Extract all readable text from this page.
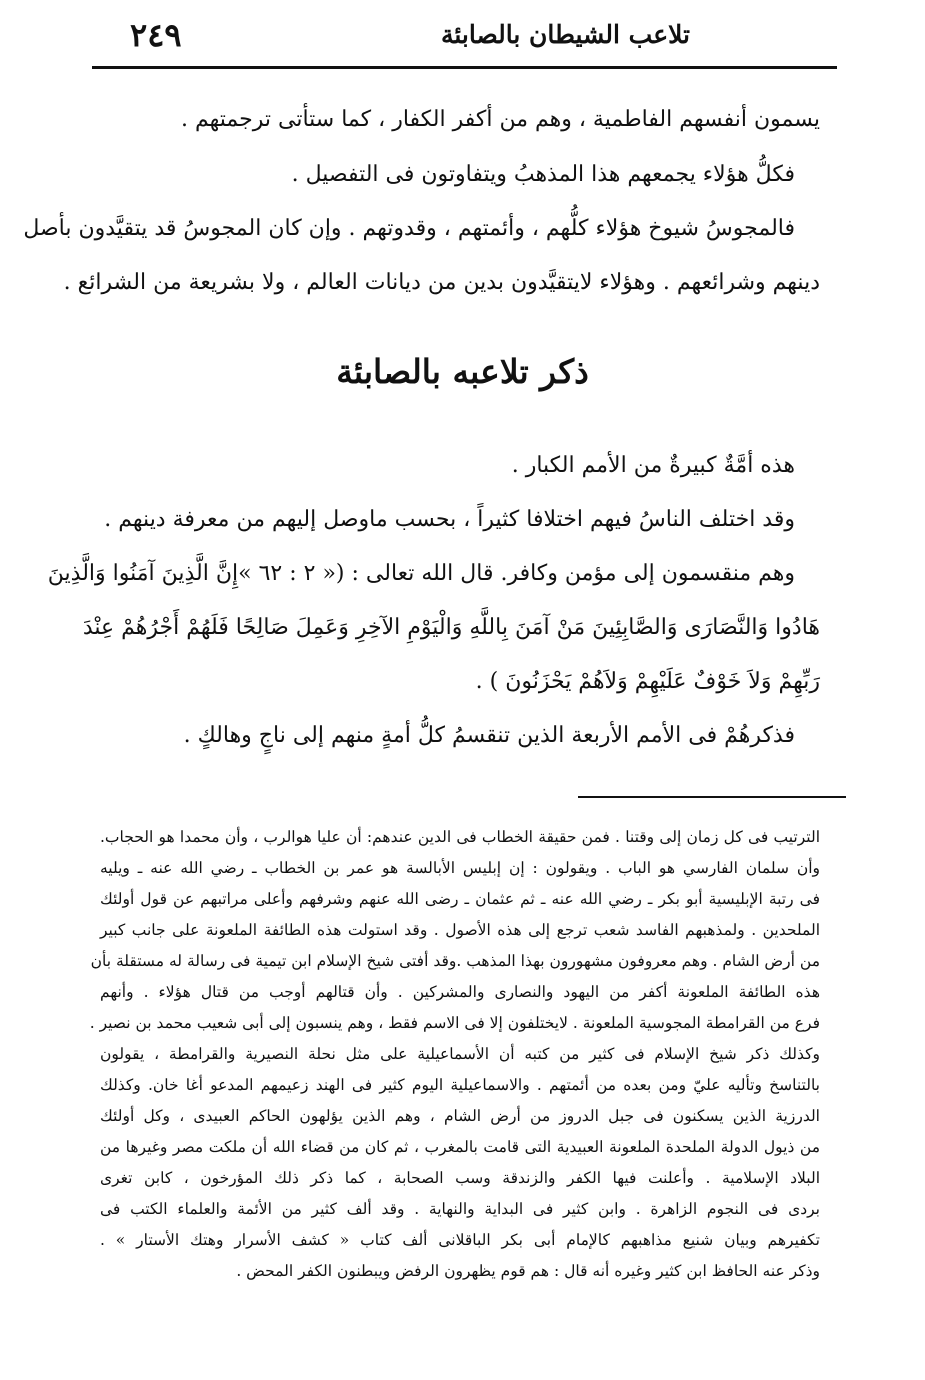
تلاعب الشيطان بالصابئة
٢٤٩
يسمون أنفسهم الفاطمية ، وهم من أكفر الكفار ، كما ستأتى ترجمتهم .
فكلُّ هؤلاء يجمعهم هذا المذهبُ ويتفاوتون فى التفصيل .
فالمجوسُ شيوخ هؤلاء كلُّهم ، وأئمتهم ، وقدوتهم . وإن كان المجوسُ قد يتقيَّدون بأصل
دينهم وشرائعهم . وهؤلاء لايتقيَّدون بدين من ديانات العالم ، ولا بشريعة من الشرائع .
ذكر تلاعبه بالصابئة
هذه أمَّةٌ كبيرةٌ من الأمم الكبار .
وقد اختلف الناسُ فيهم اختلافا كثيراً ، بحسب ماوصل إليهم من معرفة دينهم .
وهم منقسمون إلى مؤمن وكافر. قال الله تعالى : (« ٢ : ٦٢ »إِنَّ الَّذِينَ آمَنُوا وَالَّذِينَ
هَادُوا وَالنَّصَارَى وَالصَّابِئِينَ مَنْ آمَنَ بِاللَّهِ وَالْيَوْمِ الآخِرِ وَعَمِلَ صَالِحًا فَلَهُمْ أَجْرُهُمْ عِنْدَ
رَبِّهِمْ وَلاَ خَوْفٌ عَلَيْهِمْ وَلاَهُمْ يَحْزَنُونَ ) .
فذكرهُمْ فى الأمم الأربعة الذين تنقسمُ كلُّ أمةٍ منهم إلى ناجٍ وهالكٍ .
الترتيب فى كل زمان إلى وقتنا . فمن حقيقة الخطاب فى الدين عندهم: أن عليا هوالرب ، وأن محمدا هو الحجاب.
وأن سلمان الفارسي هو الباب . ويقولون : إن إبليس الأبالسة هو عمر بن الخطاب ـ رضي الله عنه ـ ويليه
فى رتبة الإبليسية أبو بكر ـ رضي الله عنه ـ ثم عثمان ـ رضى الله عنهم وشرفهم وأعلى مراتبهم عن قول أولئك
الملحدين . ولمذهبهم الفاسد شعب ترجع إلى هذه الأصول . وقد استولت هذه الطائفة الملعونة على جانب كبير
من أرض الشام . وهم معروفون مشهورون بهذا المذهب .وقد أفتى شيخ الإسلام ابن تيمية فى رسالة له مستقلة بأن
هذه الطائفة الملعونة أكفر من اليهود والنصارى والمشركين . وأن قتالهم أوجب من قتال هؤلاء . وأنهم
فرع من القرامطة المجوسية الملعونة . لايختلفون إلا فى الاسم فقط ، وهم ينسبون إلى أبى شعيب محمد بن نصير .
وكذلك ذكر شيخ الإسلام فى كثير من كتبه أن الأسماعيلية على مثل نحلة النصيرية والقرامطة ، يقولون
بالتناسخ وتأليه عليّ ومن بعده من أئمتهم . والاسماعيلية اليوم كثير فى الهند زعيمهم المدعو أغا خان. وكذلك
الدرزية الذين يسكنون فى جبل الدروز من أرض الشام ، وهم الذين يؤلهون الحاكم العبيدى ، وكل أولئك
من ذيول الدولة الملحدة الملعونة العبيدية التى قامت بالمغرب ، ثم كان من قضاء الله أن ملكت مصر وغيرها من
البلاد الإسلامية . وأعلنت فيها الكفر والزندقة وسب الصحابة ، كما ذكر ذلك المؤرخون ، كابن تغرى
بردى فى النجوم الزاهرة . وابن كثير فى البداية والنهاية . وقد ألف كثير من الأئمة والعلماء الكتب فى
تكفيرهم وبيان شنيع مذاهبهم كالإمام أبى بكر الباقلانى ألف كتاب « كشف الأسرار وهتك الأستار » .
وذكر عنه الحافظ ابن كثير وغيره أنه قال : هم قوم يظهرون الرفض ويبطنون الكفر المحض .
